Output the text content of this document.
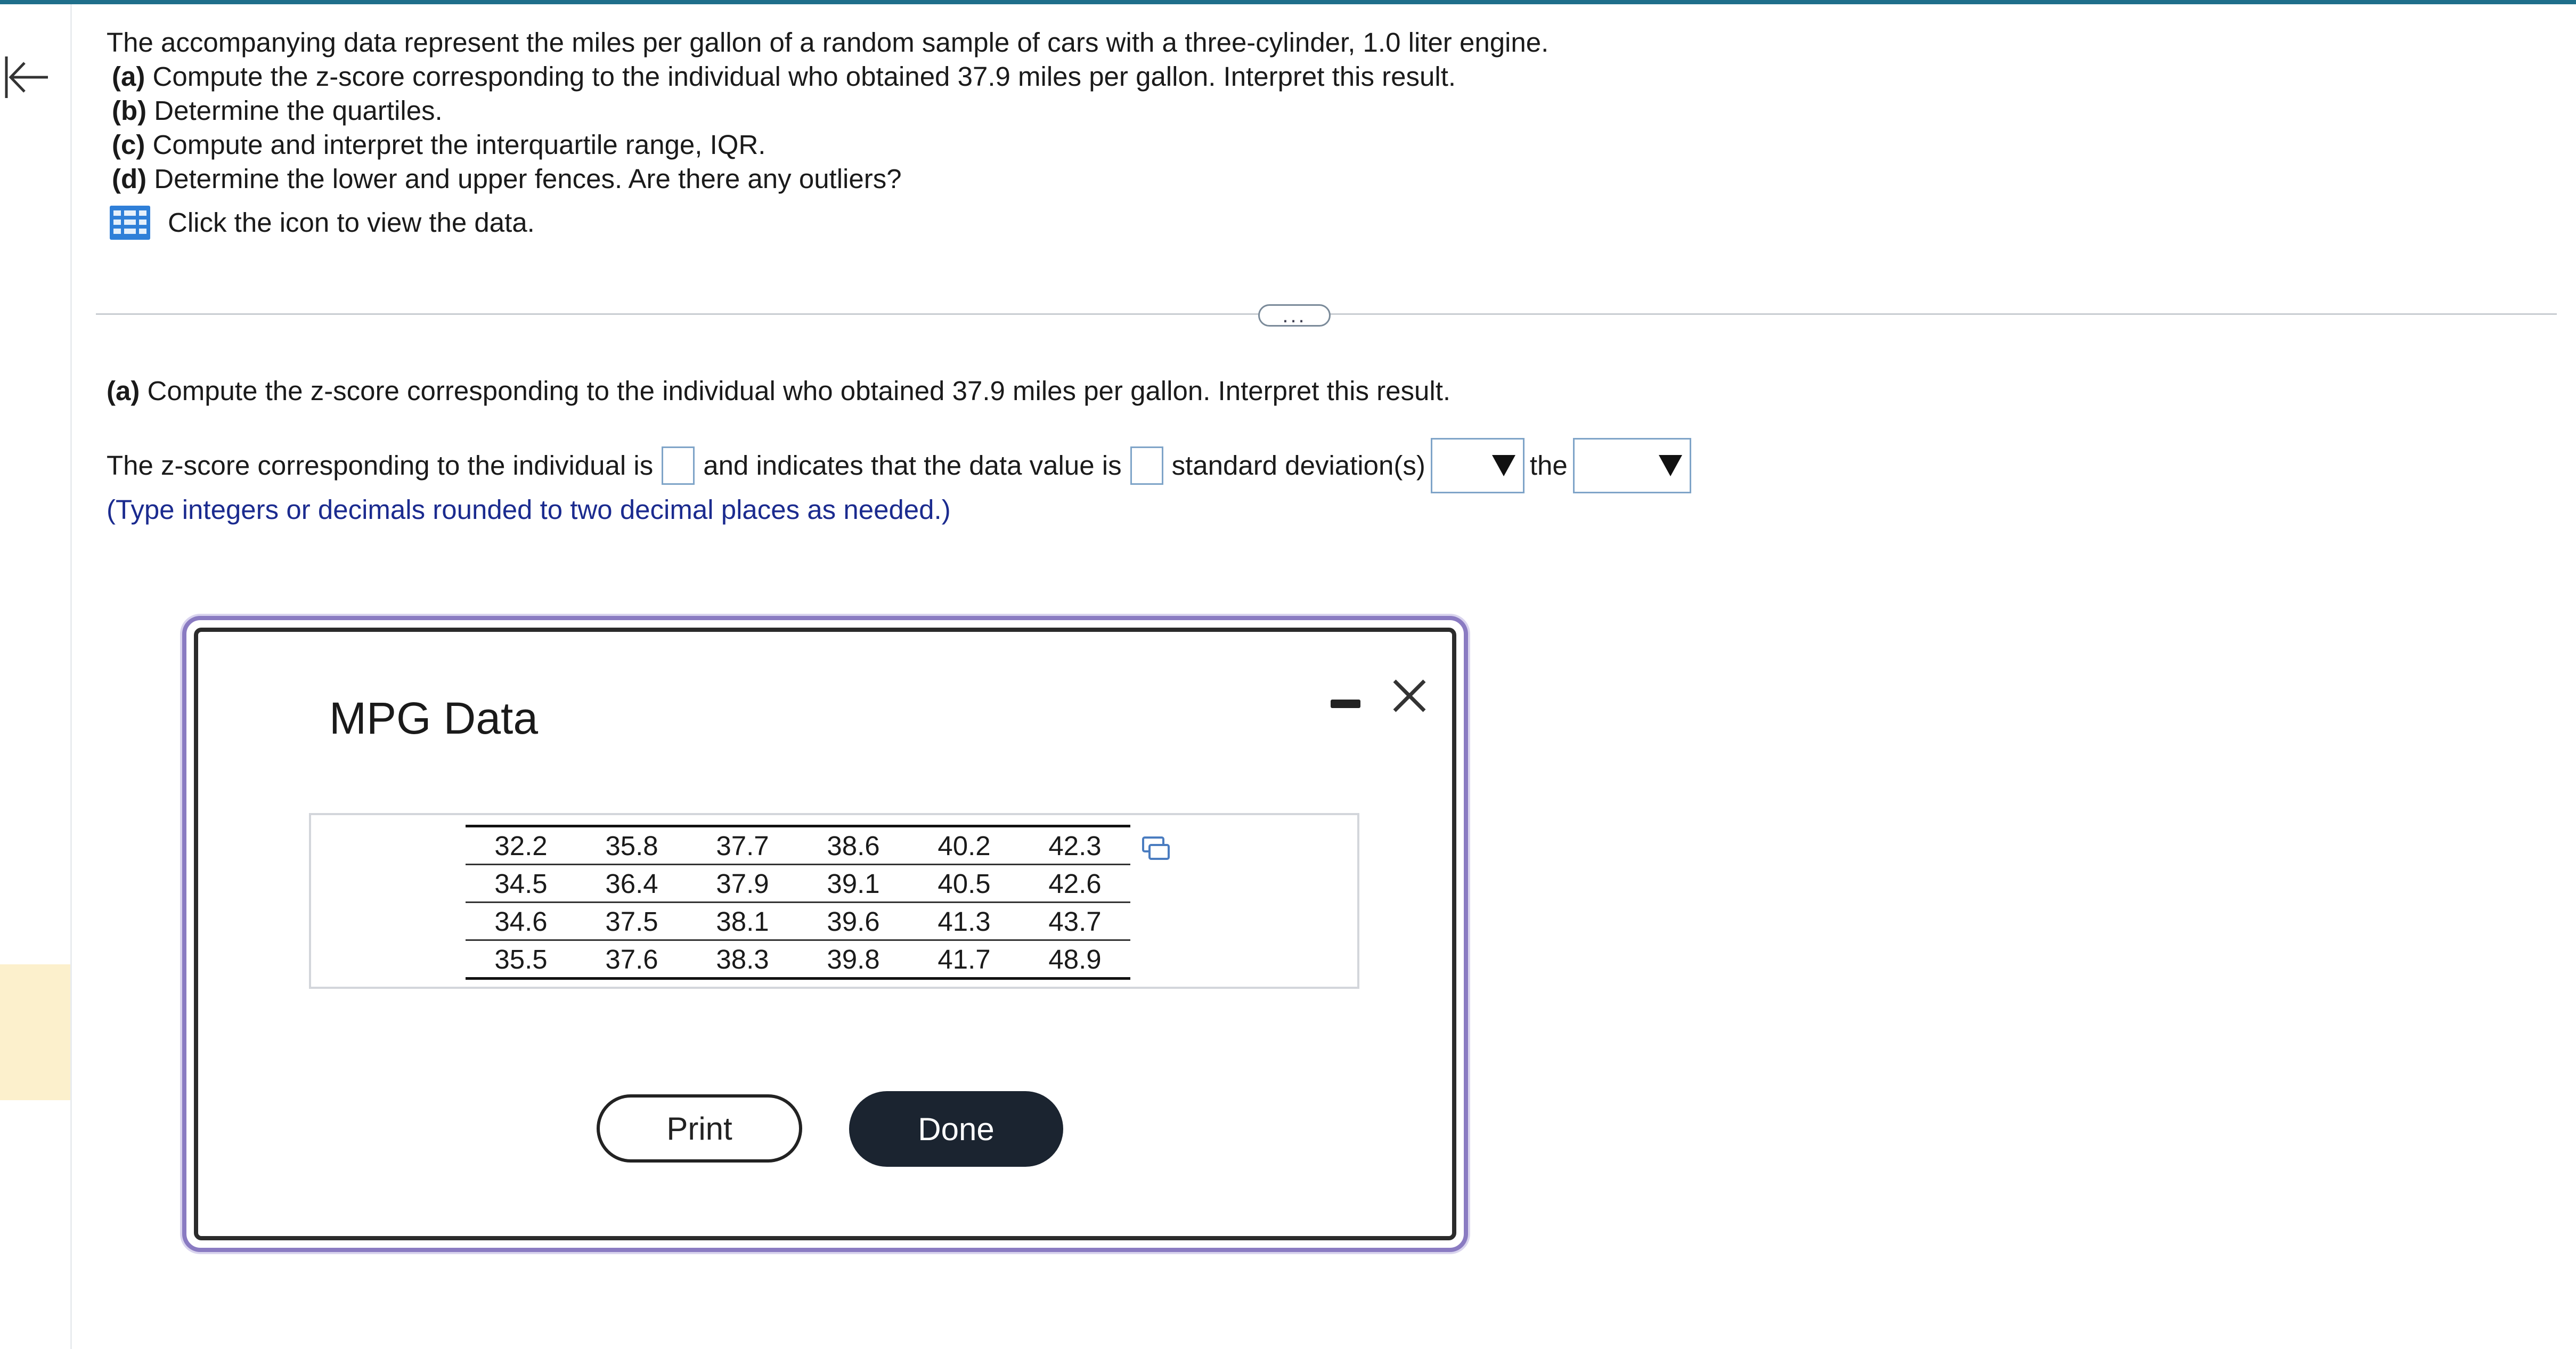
The accompanying data represent the miles per gallon of a random sample of cars with a three-cylinder, 1.0 liter engine.
(a) Compute the z-score corresponding to the individual who obtained 37.9 miles per gallon. Interpret this result.
(b) Determine the quartiles.
(c) Compute and interpret the interquartile range, IQR.
(d) Determine the lower and upper fences. Are there any outliers?
Click the icon to view the data.
...
(a) Compute the z-score corresponding to the individual who obtained 37.9 miles per gallon. Interpret this result.
The z-score corresponding to the individual is and indicates that the data value is standard deviation(s)	the
(Type integers or decimals rounded to two decimal places as needed.)
MPG Data
32.2	35.8	37.7	38.6	40.2	42.3
34.5	36.4	37.9	39.1	40.5	42.6
34.6	37.5	38.1	39.6	41.3	43.7
35.5	37.6	38.3	39.8	41.7	48.9
Print	Done
